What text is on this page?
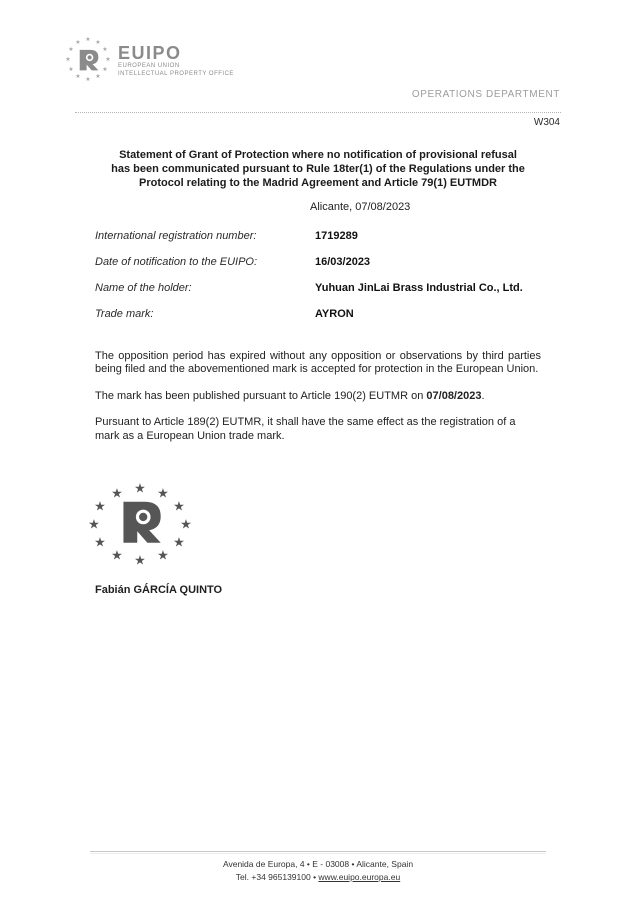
★ ★
★
★
★
★
★
★
★
★
★
★ EUIPO
EUROPEAN UNION
INTELLECTUAL PROPERTY OFFICE
OPERATIONS DEPARTMENT
W304
Statement of Grant of Protection where no notification of provisional refusal
has been communicated pursuant to Rule 18ter(1) of the Regulations under the
Protocol relating to the Madrid Agreement and Article 79(1) EUTMDR
Alicante, 07/08/2023
International registration number:	1719289
Date of notification to the EUIPO:	16/03/2023
Name of the holder:	Yuhuan JinLai Brass Industrial Co., Ltd.
Trade mark:	AYRON

The opposition period has expired without any opposition or observations by third parties being filed and the abovementioned mark is accepted for protection in the European Union.

The mark has been published pursuant to Article 190(2) EUTMR on 07/08/2023.

Pursuant to Article 189(2) EUTMR, it shall have the same effect as the registration of a mark as a European Union trade mark.

★ ★
★
★
★
★
★
★
★
★
★
★
Fabián GÁRCÍA QUINTO
Avenida de Europa, 4 • E - 03008 • Alicante, Spain
Tel. +34 965139100 • www.euipo.europa.eu
